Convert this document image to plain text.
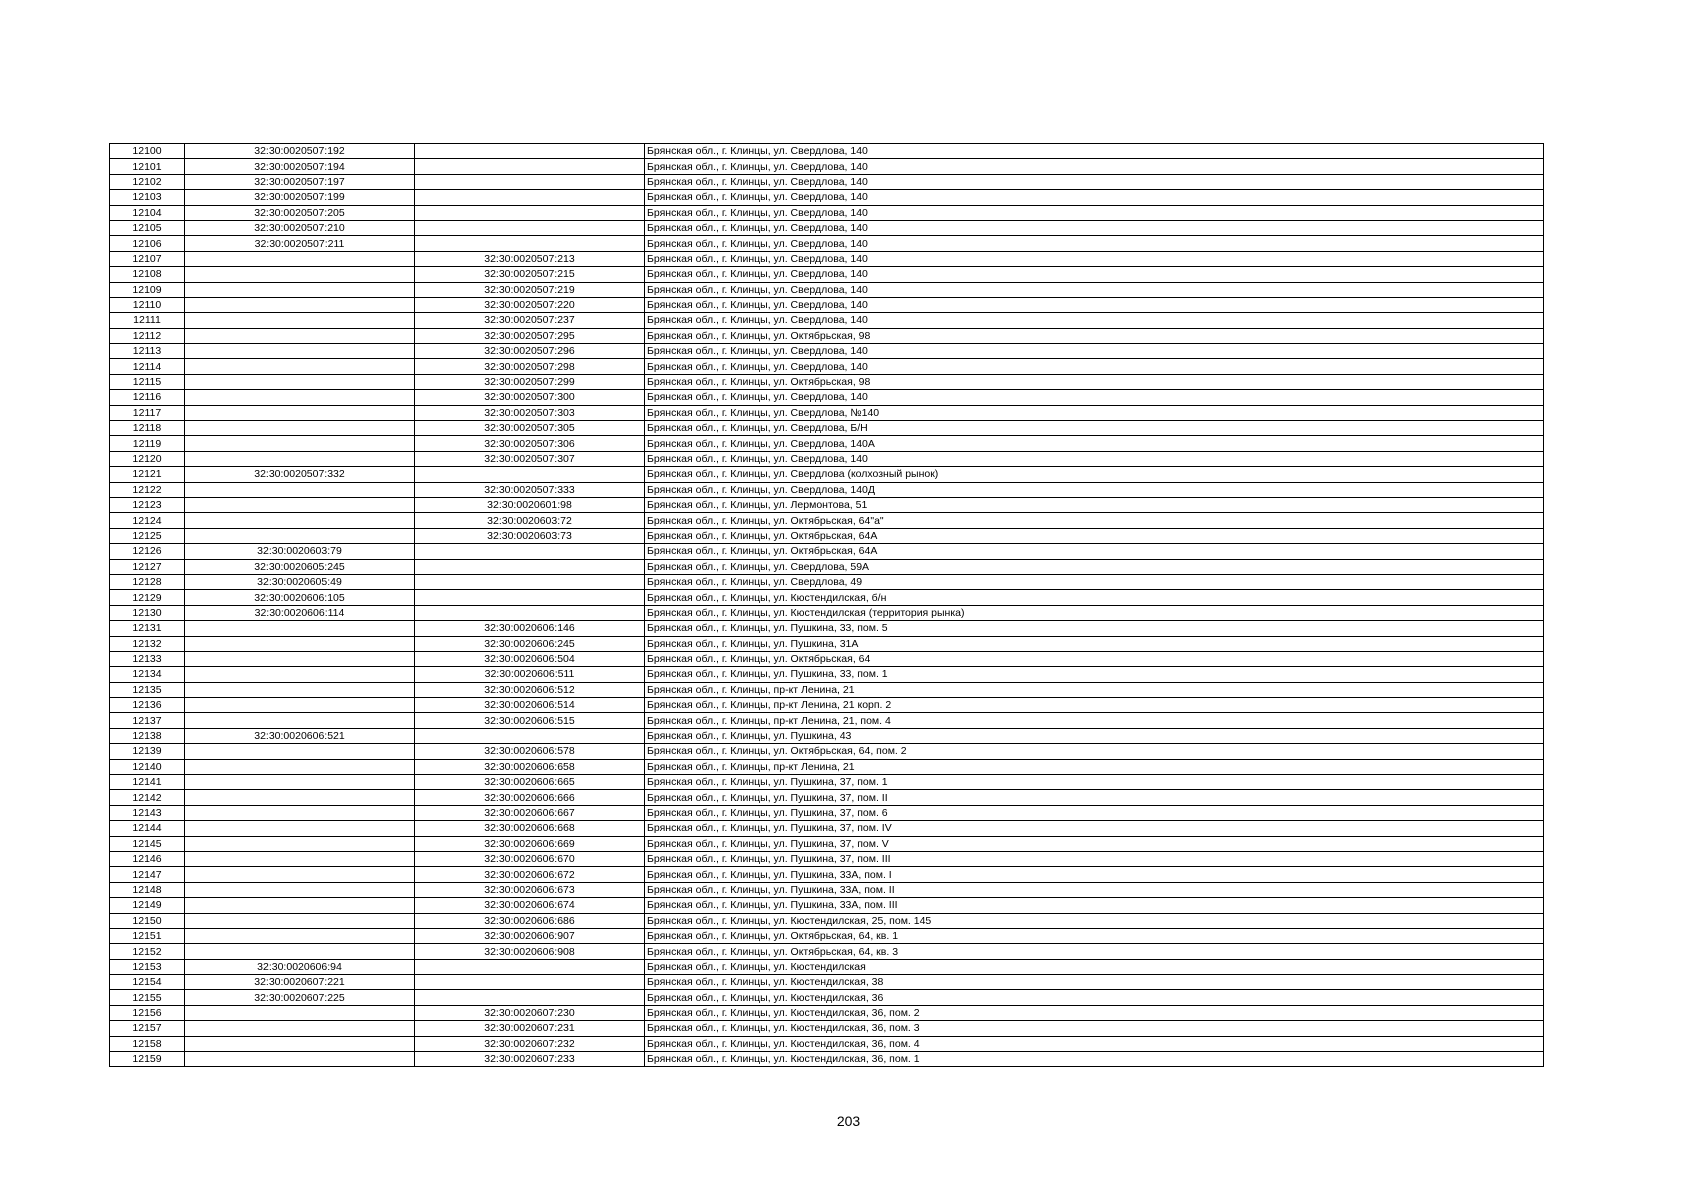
12100	32:30:0020507:192		Брянская обл., г. Клинцы, ул. Свердлова, 140
12101	32:30:0020507:194		Брянская обл., г. Клинцы, ул. Свердлова, 140
12102	32:30:0020507:197		Брянская обл., г. Клинцы, ул. Свердлова, 140
12103	32:30:0020507:199		Брянская обл., г. Клинцы, ул. Свердлова, 140
12104	32:30:0020507:205		Брянская обл., г. Клинцы, ул. Свердлова, 140
12105	32:30:0020507:210		Брянская обл., г. Клинцы, ул. Свердлова, 140
12106	32:30:0020507:211		Брянская обл., г. Клинцы, ул. Свердлова, 140
12107		32:30:0020507:213	Брянская обл., г. Клинцы, ул. Свердлова, 140
12108		32:30:0020507:215	Брянская обл., г. Клинцы, ул. Свердлова, 140
12109		32:30:0020507:219	Брянская обл., г. Клинцы, ул. Свердлова, 140
12110		32:30:0020507:220	Брянская обл., г. Клинцы, ул. Свердлова, 140
12111		32:30:0020507:237	Брянская обл., г. Клинцы, ул. Свердлова, 140
12112		32:30:0020507:295	Брянская обл., г. Клинцы, ул. Октябрьская, 98
12113		32:30:0020507:296	Брянская обл., г. Клинцы, ул. Свердлова, 140
12114		32:30:0020507:298	Брянская обл., г. Клинцы, ул. Свердлова, 140
12115		32:30:0020507:299	Брянская обл., г. Клинцы, ул. Октябрьская, 98
12116		32:30:0020507:300	Брянская обл., г. Клинцы, ул. Свердлова, 140
12117		32:30:0020507:303	Брянская обл., г. Клинцы, ул. Свердлова, №140
12118		32:30:0020507:305	Брянская обл., г. Клинцы, ул. Свердлова, Б/Н
12119		32:30:0020507:306	Брянская обл., г. Клинцы, ул. Свердлова, 140А
12120		32:30:0020507:307	Брянская обл., г. Клинцы, ул. Свердлова, 140
12121	32:30:0020507:332		Брянская обл., г. Клинцы, ул. Свердлова (колхозный рынок)
12122		32:30:0020507:333	Брянская обл., г. Клинцы, ул. Свердлова, 140Д
12123		32:30:0020601:98	Брянская обл., г. Клинцы, ул. Лермонтова, 51
12124		32:30:0020603:72	Брянская обл., г. Клинцы, ул. Октябрьская, 64"а"
12125		32:30:0020603:73	Брянская обл., г. Клинцы, ул. Октябрьская, 64А
12126	32:30:0020603:79		Брянская обл., г. Клинцы, ул. Октябрьская, 64А
12127	32:30:0020605:245		Брянская обл., г. Клинцы, ул. Свердлова, 59А
12128	32:30:0020605:49		Брянская обл., г. Клинцы, ул. Свердлова, 49
12129	32:30:0020606:105		Брянская обл., г. Клинцы, ул. Кюстендилская, б/н
12130	32:30:0020606:114		Брянская обл., г. Клинцы, ул. Кюстендилская (территория рынка)
12131		32:30:0020606:146	Брянская обл., г. Клинцы, ул. Пушкина, 33, пом. 5
12132		32:30:0020606:245	Брянская обл., г. Клинцы, ул. Пушкина, 31А
12133		32:30:0020606:504	Брянская обл., г. Клинцы, ул. Октябрьская, 64
12134		32:30:0020606:511	Брянская обл., г. Клинцы, ул. Пушкина, 33, пом. 1
12135		32:30:0020606:512	Брянская обл., г. Клинцы, пр-кт Ленина, 21
12136		32:30:0020606:514	Брянская обл., г. Клинцы, пр-кт Ленина, 21 корп. 2
12137		32:30:0020606:515	Брянская обл., г. Клинцы, пр-кт Ленина, 21, пом. 4
12138	32:30:0020606:521		Брянская обл., г. Клинцы, ул. Пушкина, 43
12139		32:30:0020606:578	Брянская обл., г. Клинцы, ул. Октябрьская, 64, пом. 2
12140		32:30:0020606:658	Брянская обл., г. Клинцы, пр-кт Ленина, 21
12141		32:30:0020606:665	Брянская обл., г. Клинцы, ул. Пушкина, 37, пом. 1
12142		32:30:0020606:666	Брянская обл., г. Клинцы, ул. Пушкина, 37, пом. II
12143		32:30:0020606:667	Брянская обл., г. Клинцы, ул. Пушкина, 37, пом. 6
12144		32:30:0020606:668	Брянская обл., г. Клинцы, ул. Пушкина, 37, пом. IV
12145		32:30:0020606:669	Брянская обл., г. Клинцы, ул. Пушкина, 37, пом. V
12146		32:30:0020606:670	Брянская обл., г. Клинцы, ул. Пушкина, 37, пом. III
12147		32:30:0020606:672	Брянская обл., г. Клинцы, ул. Пушкина, 33А, пом. I
12148		32:30:0020606:673	Брянская обл., г. Клинцы, ул. Пушкина, 33А, пом. II
12149		32:30:0020606:674	Брянская обл., г. Клинцы, ул. Пушкина, 33А, пом. III
12150		32:30:0020606:686	Брянская обл., г. Клинцы, ул. Кюстендилская, 25, пом. 145
12151		32:30:0020606:907	Брянская обл., г. Клинцы, ул. Октябрьская, 64, кв. 1
12152		32:30:0020606:908	Брянская обл., г. Клинцы, ул. Октябрьская, 64, кв. 3
12153	32:30:0020606:94		Брянская обл., г. Клинцы, ул. Кюстендилская
12154	32:30:0020607:221		Брянская обл., г. Клинцы, ул. Кюстендилская, 38
12155	32:30:0020607:225		Брянская обл., г. Клинцы, ул. Кюстендилская, 36
12156		32:30:0020607:230	Брянская обл., г. Клинцы, ул. Кюстендилская, 36, пом. 2
12157		32:30:0020607:231	Брянская обл., г. Клинцы, ул. Кюстендилская, 36, пом. 3
12158		32:30:0020607:232	Брянская обл., г. Клинцы, ул. Кюстендилская, 36, пом. 4
12159		32:30:0020607:233	Брянская обл., г. Клинцы, ул. Кюстендилская, 36, пом. 1
203
